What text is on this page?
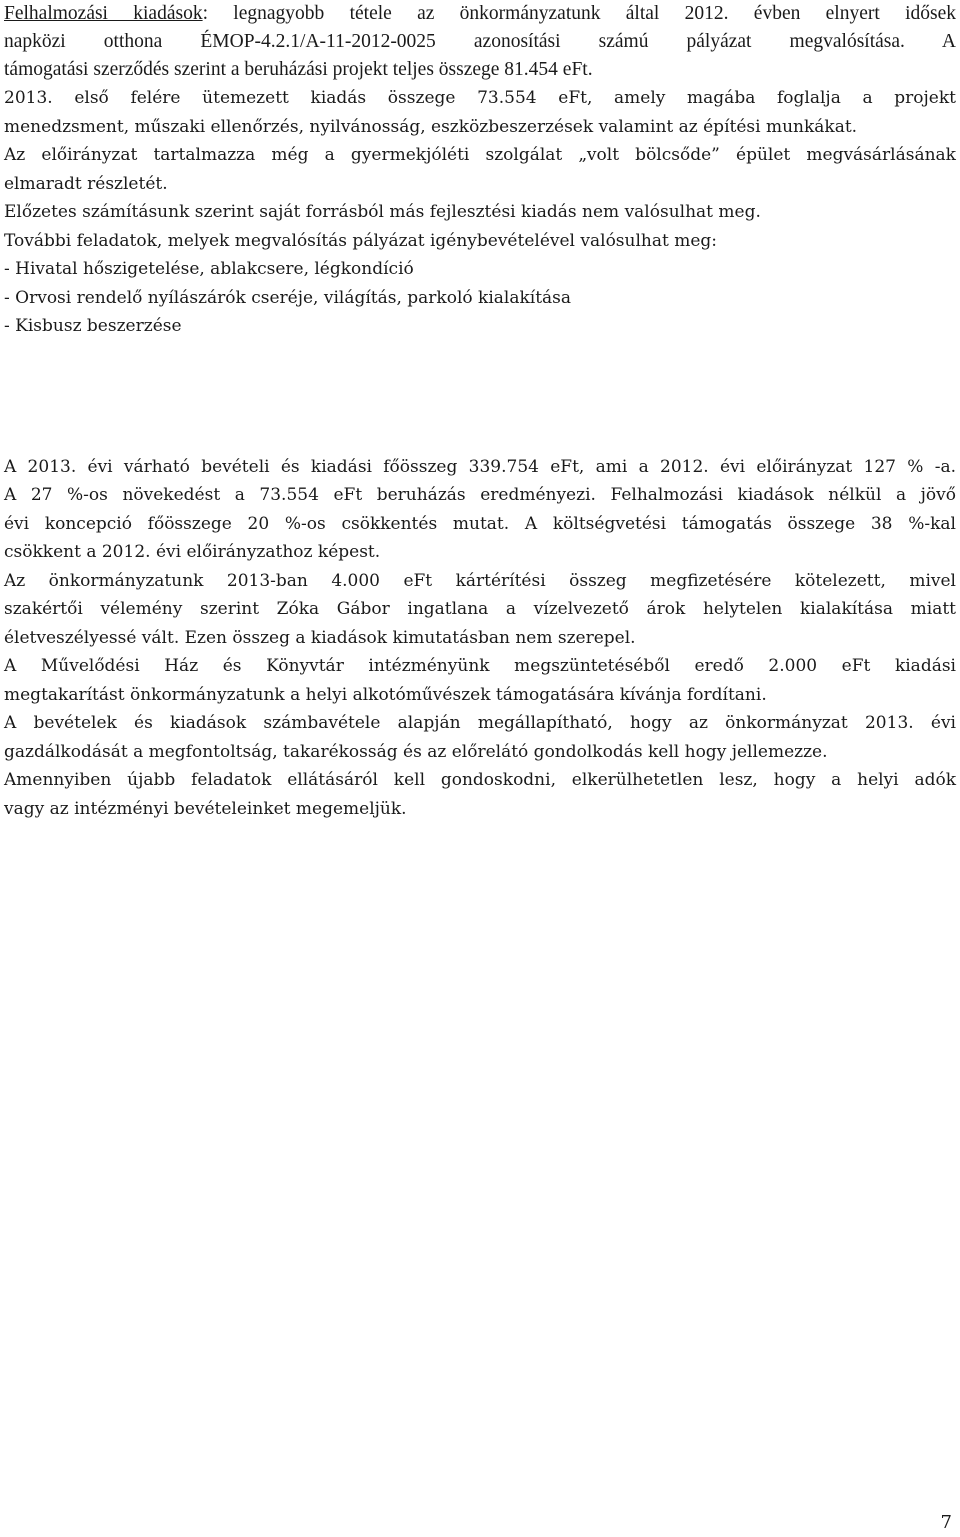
Felhalmozási kiadások: legnagyobb tétele az önkormányzatunk által 2012. évben elnyert idősek

napközi otthona ÉMOP-4.2.1/A-11-2012-0025 azonosítási számú pályázat megvalósítása. A

támogatási szerződés szerint a beruházási projekt teljes összege 81.454 eFt.

2013. első felére ütemezett kiadás összege 73.554 eFt, amely magába foglalja a projekt

menedzsment, műszaki ellenőrzés, nyilvánosság, eszközbeszerzések valamint az építési munkákat.

Az előirányzat tartalmazza még a gyermekjóléti szolgálat „volt bölcsőde” épület megvásárlásának

elmaradt részletét.

Előzetes számításunk szerint saját forrásból más fejlesztési kiadás nem valósulhat meg.

További feladatok, melyek megvalósítás pályázat igénybevételével valósulhat meg:

- Hivatal hőszigetelése, ablakcsere, légkondíció

- Orvosi rendelő nyílászárók cseréje, világítás, parkoló kialakítása

- Kisbusz beszerzése

A 2013. évi várható bevételi és kiadási főösszeg 339.754 eFt, ami a 2012. évi előirányzat 127 % -a.

A 27 %-os növekedést a 73.554 eFt beruházás eredményezi. Felhalmozási kiadások nélkül a jövő

évi koncepció főösszege 20 %-os csökkentés mutat. A költségvetési támogatás összege 38 %-kal

csökkent a 2012. évi előirányzathoz képest.

Az önkormányzatunk 2013-ban 4.000 eFt kártérítési összeg megfizetésére kötelezett, mivel

szakértői vélemény szerint Zóka Gábor ingatlana a vízelvezető árok helytelen kialakítása miatt

életveszélyessé vált. Ezen összeg a kiadások kimutatásban nem szerepel.

A Művelődési Ház és Könyvtár intézményünk megszüntetéséből eredő 2.000 eFt kiadási

megtakarítást önkormányzatunk a helyi alkotóművészek támogatására kívánja fordítani.

A bevételek és kiadások számbavétele alapján megállapítható, hogy az önkormányzat 2013. évi

gazdálkodását a megfontoltság, takarékosság és az előrelátó gondolkodás kell hogy jellemezze.

Amennyiben újabb feladatok ellátásáról kell gondoskodni, elkerülhetetlen lesz, hogy a helyi adók

vagy az intézményi bevételeinket megemeljük.

7
